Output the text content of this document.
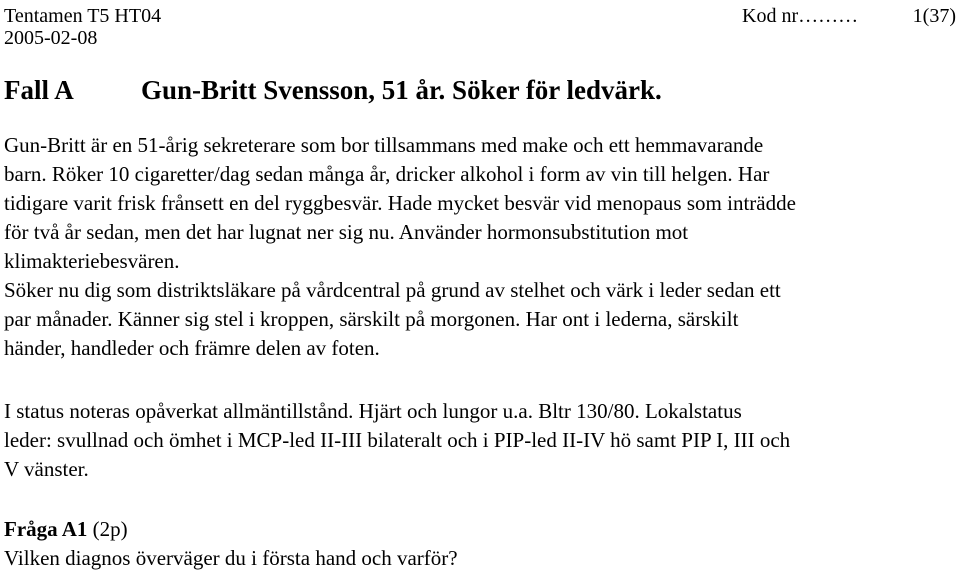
Tentamen T5 HT04
2005-02-08
Kod nr………	1(37)
Fall A Gun-Britt Svensson, 51 år. Söker för ledvärk.
Gun-Britt är en 51-årig sekreterare som bor tillsammans med make och ett hemmavarande
barn. Röker 10 cigaretter/dag sedan många år, dricker alkohol i form av vin till helgen. Har
tidigare varit frisk frånsett en del ryggbesvär. Hade mycket besvär vid menopaus som inträdde
för två år sedan, men det har lugnat ner sig nu. Använder hormonsubstitution mot
klimakteriebesvären.
Söker nu dig som distriktsläkare på vårdcentral på grund av stelhet och värk i leder sedan ett
par månader. Känner sig stel i kroppen, särskilt på morgonen. Har ont i lederna, särskilt
händer, handleder och främre delen av foten.
I status noteras opåverkat allmäntillstånd. Hjärt och lungor u.a. Bltr 130/80. Lokalstatus
leder: svullnad och ömhet i MCP-led II-III bilateralt och i PIP-led II-IV hö samt PIP I, III och
V vänster.
Fråga A1 (2p)
Vilken diagnos överväger du i första hand och varför?
